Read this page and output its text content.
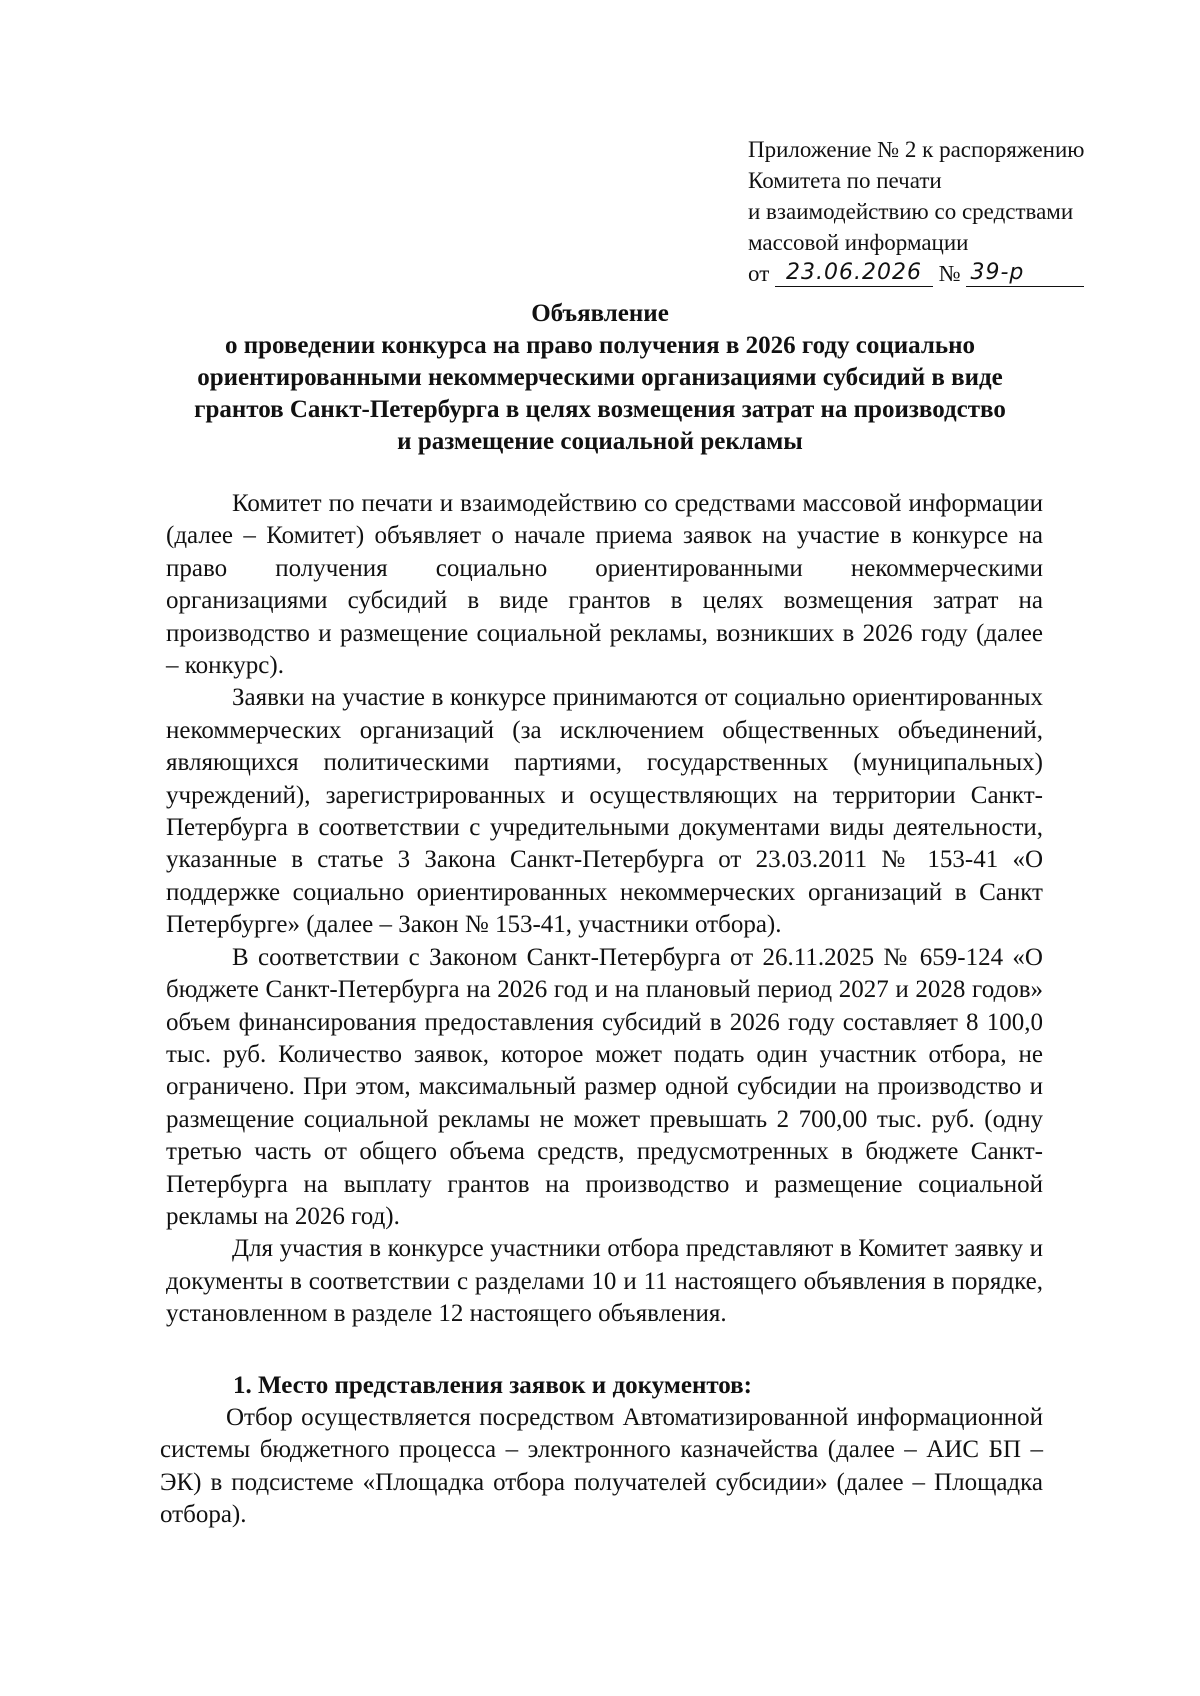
Приложение № 2 к распоряжению
Комитета по печати
и взаимодействию со средствами
массовой информации
от 23.06.2026 № 39-р
Объявление
о проведении конкурса на право получения в 2026 году социально
ориентированными некоммерческими организациями субсидий в виде
грантов Санкт-Петербурга в целях возмещения затрат на производство
и размещение социальной рекламы

Комитет по печати и взаимодействию со средствами массовой информации (далее – Комитет) объявляет о начале приема заявок на участие в конкурсе на право получения социально ориентированными некоммерческими организациями субсидий в виде грантов в целях возмещения затрат на производство и размещение социальной рекламы, возникших в 2026 году (далее – конкурс).

Заявки на участие в конкурсе принимаются от социально ориентированных некоммерческих организаций (за исключением общественных объединений, являющихся политическими партиями, государственных (муниципальных) учреждений), зарегистрированных и осуществляющих на территории Санкт-Петербурга в соответствии с учредительными документами виды деятельности, указанные в статье 3 Закона Санкт-Петербурга от 23.03.2011 № 153-41 «О поддержке социально ориентированных некоммерческих организаций в Санкт Петербурге» (далее – Закон № 153-41, участники отбора).

В соответствии с Законом Санкт-Петербурга от 26.11.2025 № 659-124 «О бюджете Санкт-Петербурга на 2026 год и на плановый период 2027 и 2028 годов» объем финансирования предоставления субсидий в 2026 году составляет 8 100,0 тыс. руб. Количество заявок, которое может подать один участник отбора, не ограничено. При этом, максимальный размер одной субсидии на производство и размещение социальной рекламы не может превышать 2 700,00 тыс. руб. (одну третью часть от общего объема средств, предусмотренных в бюджете Санкт-Петербурга на выплату грантов на производство и размещение социальной рекламы на 2026 год).

Для участия в конкурсе участники отбора представляют в Комитет заявку и документы в соответствии с разделами 10 и 11 настоящего объявления в порядке, установленном в разделе 12 настоящего объявления.

1. Место представления заявок и документов:

Отбор осуществляется посредством Автоматизированной информационной системы бюджетного процесса – электронного казначейства (далее – АИС БП – ЭК) в подсистеме «Площадка отбора получателей субсидии» (далее – Площадка отбора).
